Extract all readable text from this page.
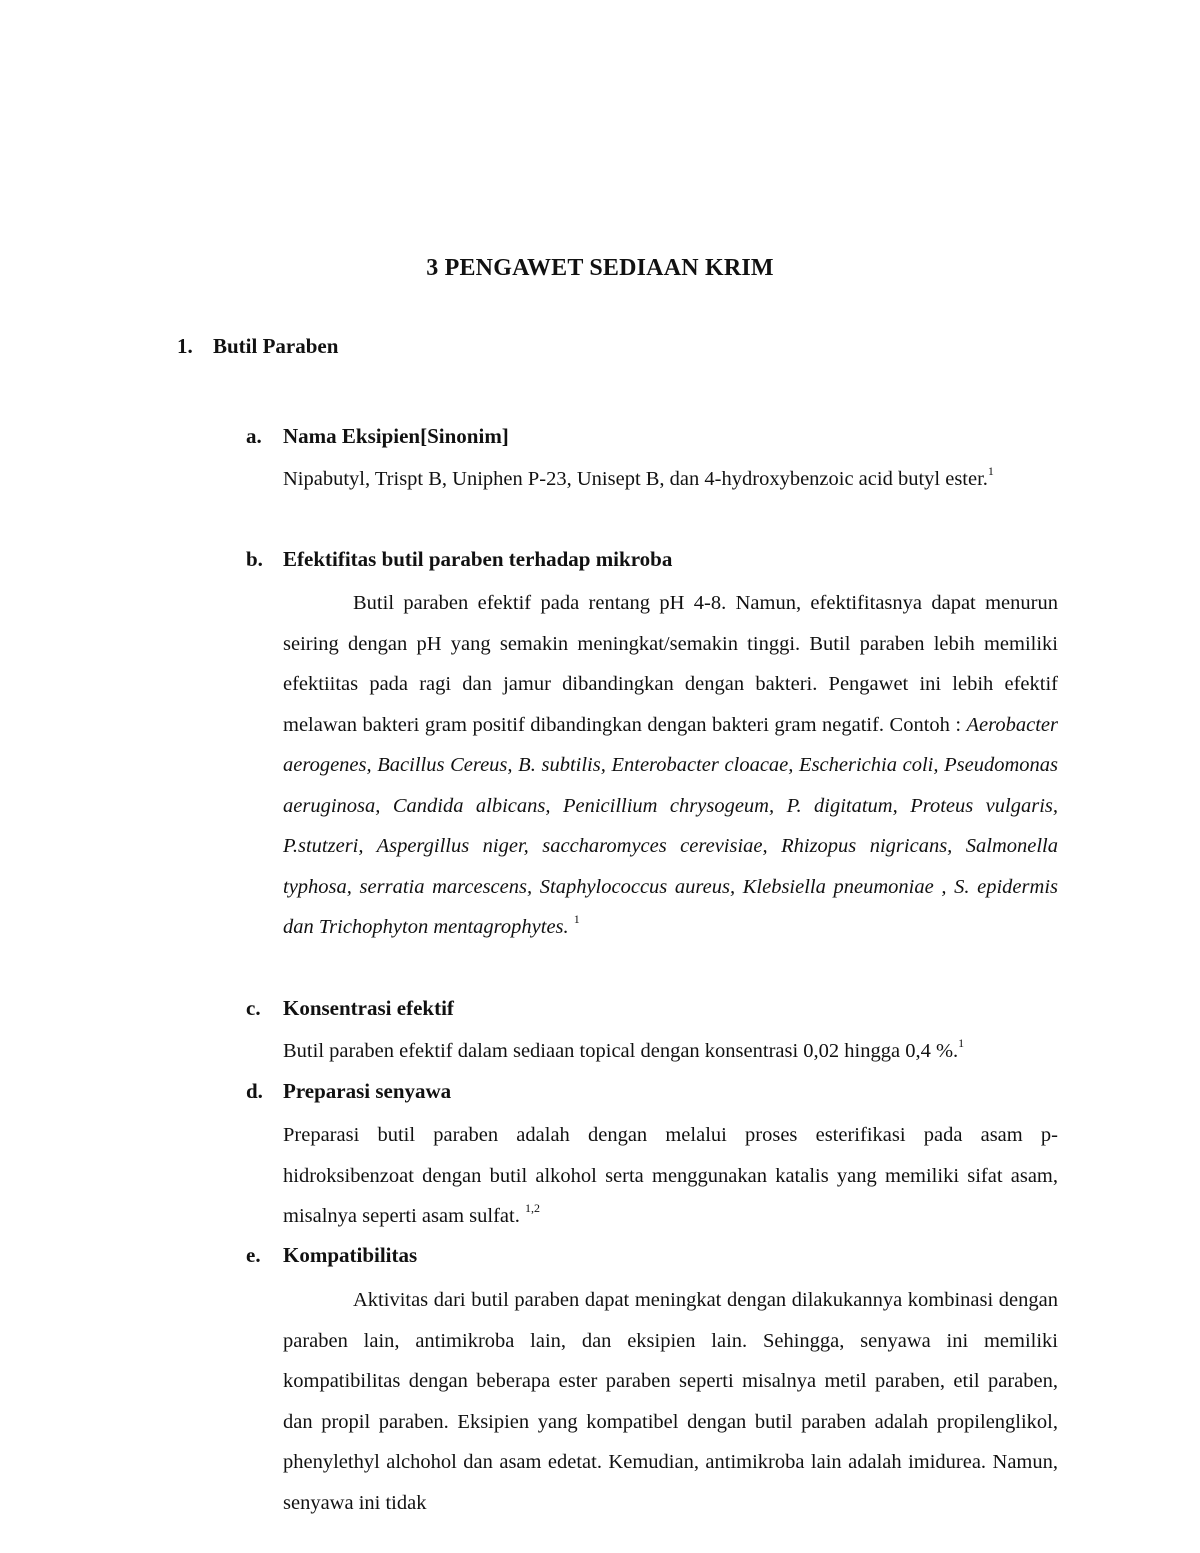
3 PENGAWET SEDIAAN KRIM
1. Butil Paraben
a. Nama Eksipien[Sinonim]
Nipabutyl, Trispt B, Uniphen P-23, Unisept B, dan 4-hydroxybenzoic acid butyl ester.$^1$
b. Efektifitas butil paraben terhadap mikroba
Butil paraben efektif pada rentang pH 4-8. Namun, efektifitasnya dapat menurun seiring dengan pH yang semakin meningkat/semakin tinggi. Butil paraben lebih memiliki efektiitas pada ragi dan jamur dibandingkan dengan bakteri. Pengawet ini lebih efektif melawan bakteri gram positif dibandingkan dengan bakteri gram negatif. Contoh : Aerobacter aerogenes, Bacillus Cereus, B. subtilis, Enterobacter cloacae, Escherichia coli, Pseudomonas aeruginosa, Candida albicans, Penicillium chrysogeum, P. digitatum, Proteus vulgaris, P.stutzeri, Aspergillus niger, saccharomyces cerevisiae, Rhizopus nigricans, Salmonella typhosa, serratia marcescens, Staphylococcus aureus, Klebsiella pneumoniae , S. epidermis dan Trichophyton mentagrophytes. $^1$
c. Konsentrasi efektif
Butil paraben efektif dalam sediaan topical dengan konsentrasi 0,02 hingga 0,4 %.$^1$
d. Preparasi senyawa
Preparasi butil paraben adalah dengan melalui proses esterifikasi pada asam p-hidroksibenzoat dengan butil alkohol serta menggunakan katalis yang memiliki sifat asam, misalnya seperti asam sulfat. $^{1,2}$
e. Kompatibilitas
Aktivitas dari butil paraben dapat meningkat dengan dilakukannya kombinasi dengan paraben lain, antimikroba lain, dan eksipien lain. Sehingga, senyawa ini memiliki kompatibilitas dengan beberapa ester paraben seperti misalnya metil paraben, etil paraben, dan propil paraben. Eksipien yang kompatibel dengan butil paraben adalah propilenglikol, phenylethyl alchohol dan asam edetat. Kemudian, antimikroba lain adalah imidurea. Namun, senyawa ini tidak
